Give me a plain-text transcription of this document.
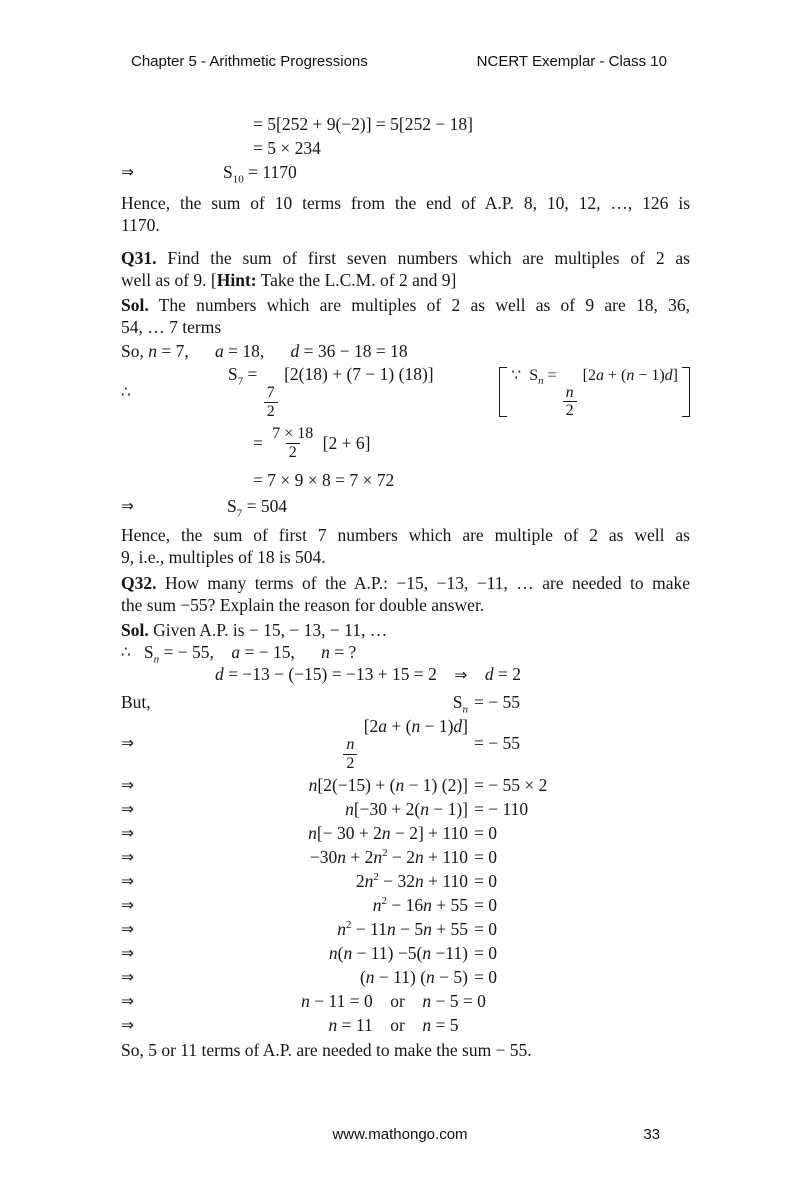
Chapter 5 - Arithmetic Progressions	NCERT Exemplar - Class 10
= 5[252 + 9(−2)] = 5[252 − 18]
= 5 × 234
⇒	$S_{10} = 1170$
Hence, the sum of 10 terms from the end of A.P. 8, 10, 12, …, 126 is
1170.
Q31. Find the sum of first seven numbers which are multiples of 2 as
well as of 9. [Hint: Take the L.C.M. of 2 and 9]
Sol. The numbers which are multiples of 2 as well as of 9 are 18, 36,
54, … 7 terms
So, n = 7,  a = 18,  d = 36 − 18 = 18
∴
$S_7$ =
$\frac{7}{2}$
[2(18) + (7 − 1) (18)]	∵ $S_n$ =
$\frac{n}{2}$
[2a + (n − 1)d]
= $\frac{7 \times 18}{2} [2 + 6]$
= 7 × 9 × 8 = 7 × 72
⇒	$S_7 = 504$
Hence, the sum of first 7 numbers which are multiple of 2 as well as
9, i.e., multiples of 18 is 504.
Q32. How many terms of the A.P.: −15, −13, −11, … are needed to make
the sum −55? Explain the reason for double answer.
Sol. Given A.P. is − 15, − 13, − 11, …
∴ $S_n$ = − 55, a = − 15,  n = ?
d = −13 − (−15) = −13 + 15 = 2 ⇒  d = 2
But,	$S_n$ = − 55
⇒	$\frac{n}{2}$
[2a + (n − 1)d]
= − 55
⇒	n[2(−15) + (n − 1) (2)] = − 55 × 2
⇒	n[−30 + 2(n − 1)] = − 110
⇒	n[− 30 + 2n − 2] + 110 = 0
⇒	$-30n + 2n^2 - 2n + 110 = 0$
⇒	$2n^2 - 32n + 110 = 0$
⇒	$n^2 - 16n + 55 = 0$
⇒	$n^2 - 11n - 5n + 55 = 0$
⇒	n(n − 11) −5(n −11) = 0
⇒	(n − 11) (n − 5) = 0
⇒	n − 11 = 0 or n − 5 = 0
⇒	n = 11 or n = 5
So, 5 or 11 terms of A.P. are needed to make the sum − 55.
www.mathongo.com	33
